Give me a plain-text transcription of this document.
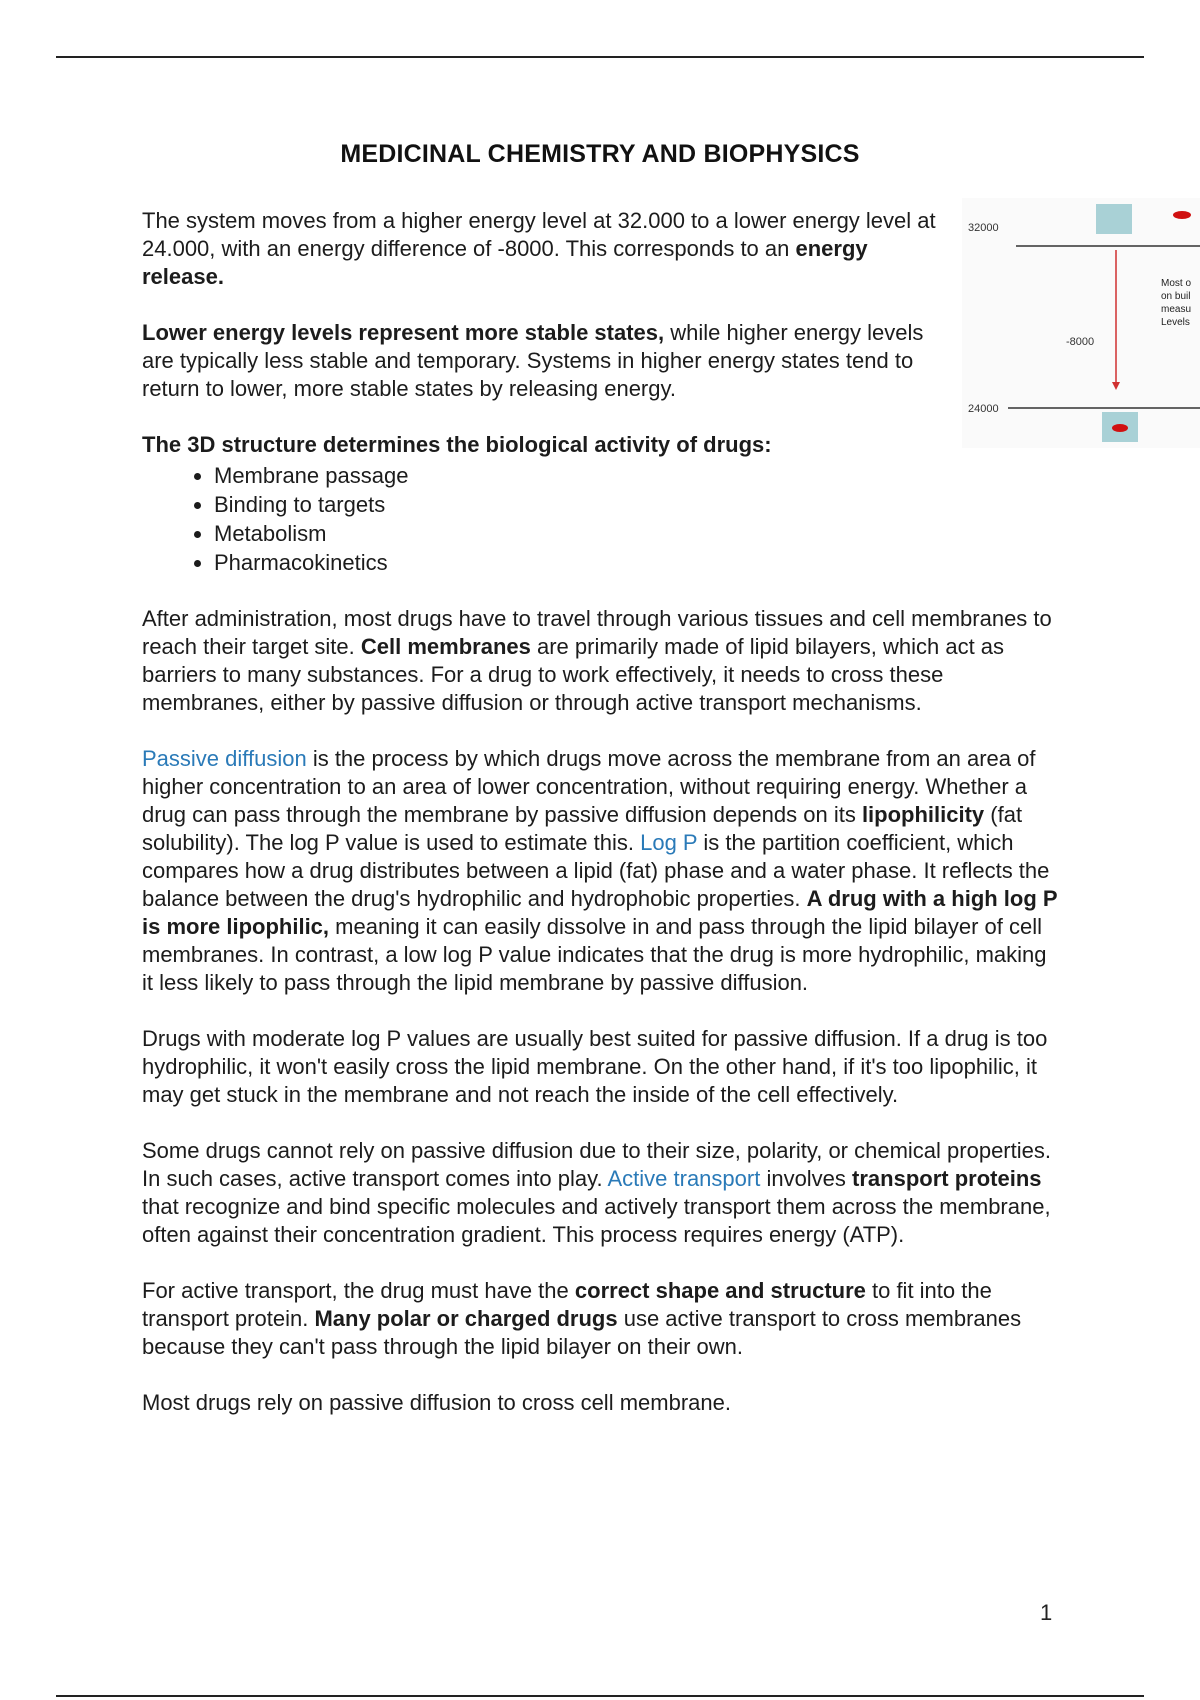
MEDICINAL CHEMISTRY AND BIOPHYSICS
32000
-8000
24000
Most o
on buil
measu
Levels

The system moves from a higher energy level at 32.000 to a lower energy level at 24.000, with an energy difference of -8000. This corresponds to an energy release.

Lower energy levels represent more stable states, while higher energy levels are typically less stable and temporary. Systems in higher energy states tend to return to lower, more stable states by releasing energy.

The 3D structure determines the biological activity of drugs:
• Membrane passage
• Binding to targets
• Metabolism
• Pharmacokinetics

After administration, most drugs have to travel through various tissues and cell membranes to reach their target site. Cell membranes are primarily made of lipid bilayers, which act as barriers to many substances. For a drug to work effectively, it needs to cross these membranes, either by passive diffusion or through active transport mechanisms.

Passive diffusion is the process by which drugs move across the membrane from an area of higher concentration to an area of lower concentration, without requiring energy. Whether a drug can pass through the membrane by passive diffusion depends on its lipophilicity (fat solubility). The log P value is used to estimate this. Log P is the partition coefficient, which compares how a drug distributes between a lipid (fat) phase and a water phase. It reflects the balance between the drug's hydrophilic and hydrophobic properties. A drug with a high log P is more lipophilic, meaning it can easily dissolve in and pass through the lipid bilayer of cell membranes. In contrast, a low log P value indicates that the drug is more hydrophilic, making it less likely to pass through the lipid membrane by passive diffusion.

Drugs with moderate log P values are usually best suited for passive diffusion. If a drug is too hydrophilic, it won't easily cross the lipid membrane. On the other hand, if it's too lipophilic, it may get stuck in the membrane and not reach the inside of the cell effectively.

Some drugs cannot rely on passive diffusion due to their size, polarity, or chemical properties. In such cases, active transport comes into play. Active transport involves transport proteins that recognize and bind specific molecules and actively transport them across the membrane, often against their concentration gradient. This process requires energy (ATP).

For active transport, the drug must have the correct shape and structure to fit into the transport protein. Many polar or charged drugs use active transport to cross membranes because they can't pass through the lipid bilayer on their own.

Most drugs rely on passive diffusion to cross cell membrane.

1
